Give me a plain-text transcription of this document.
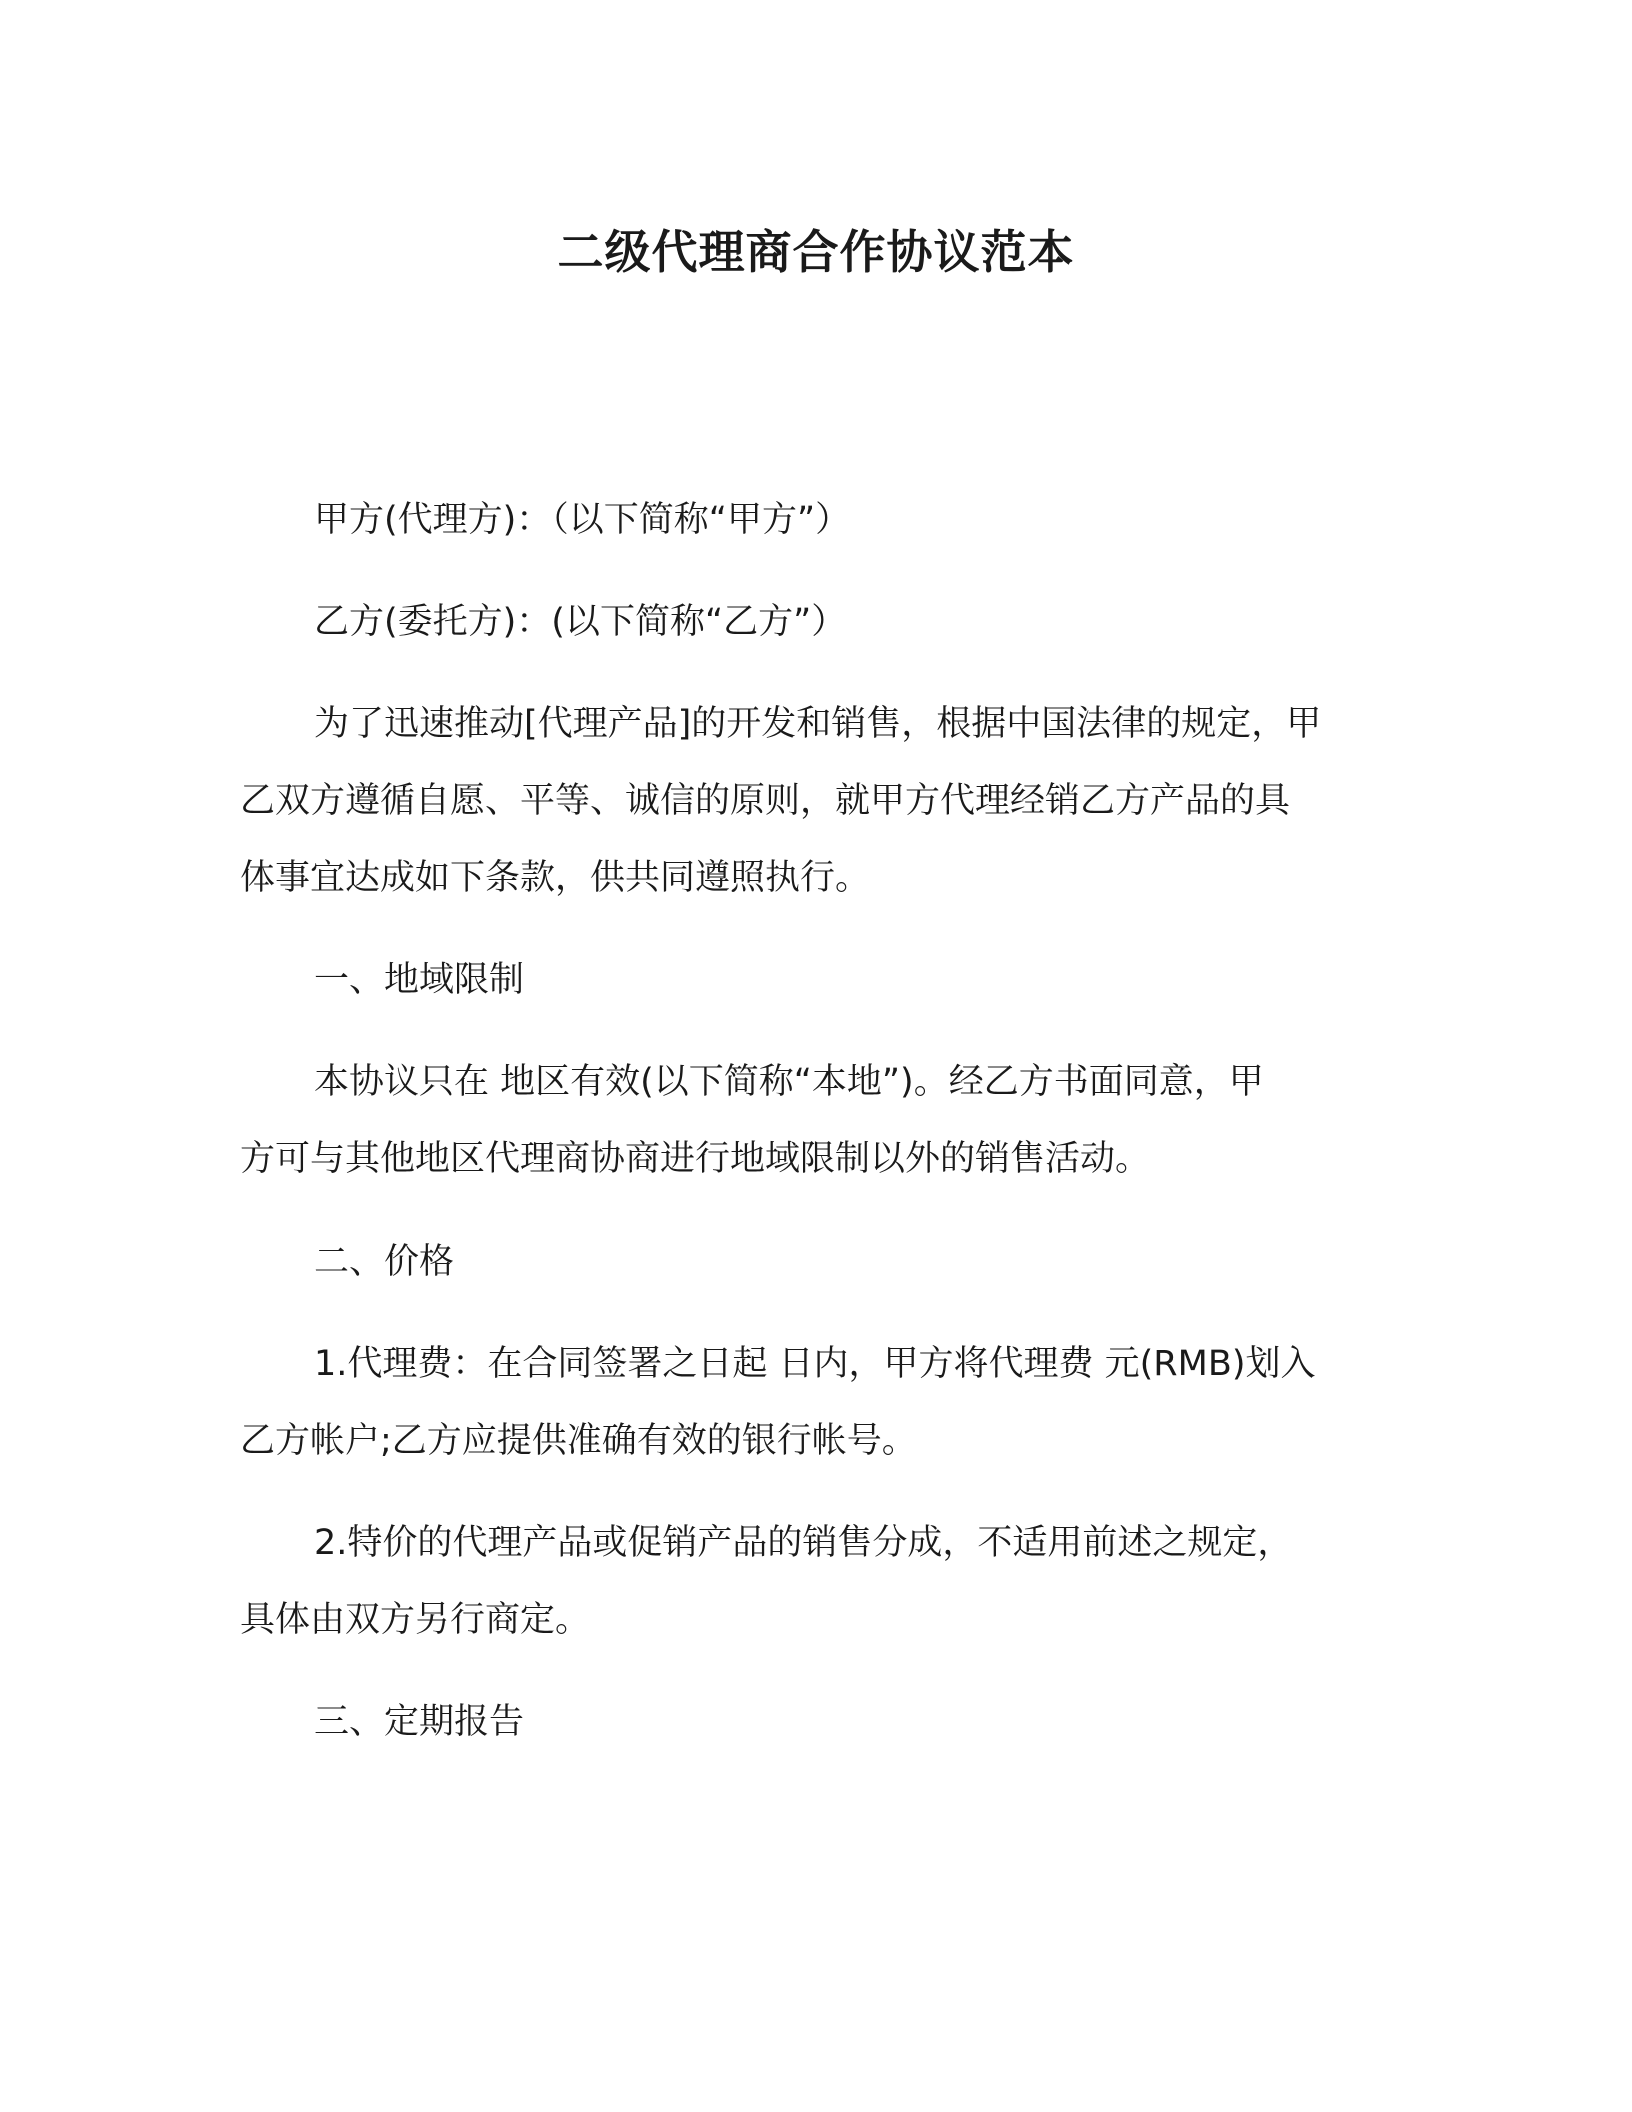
二级代理商合作协议范本
甲方(代理方)：（以下简称“甲方”）
乙方(委托方)：(以下简称“乙方”）
为了迅速推动[代理产品]的开发和销售，根据中国法律的规定，甲
乙双方遵循自愿、平等、诚信的原则，就甲方代理经销乙方产品的具
体事宜达成如下条款，供共同遵照执行。
一、地域限制
本协议只在 地区有效(以下简称“本地”)。经乙方书面同意，甲
方可与其他地区代理商协商进行地域限制以外的销售活动。
二、价格
1.代理费：在合同签署之日起 日内，甲方将代理费 元(RMB)划入
乙方帐户;乙方应提供准确有效的银行帐号。
2.特价的代理产品或促销产品的销售分成，不适用前述之规定，
具体由双方另行商定。
三、定期报告
